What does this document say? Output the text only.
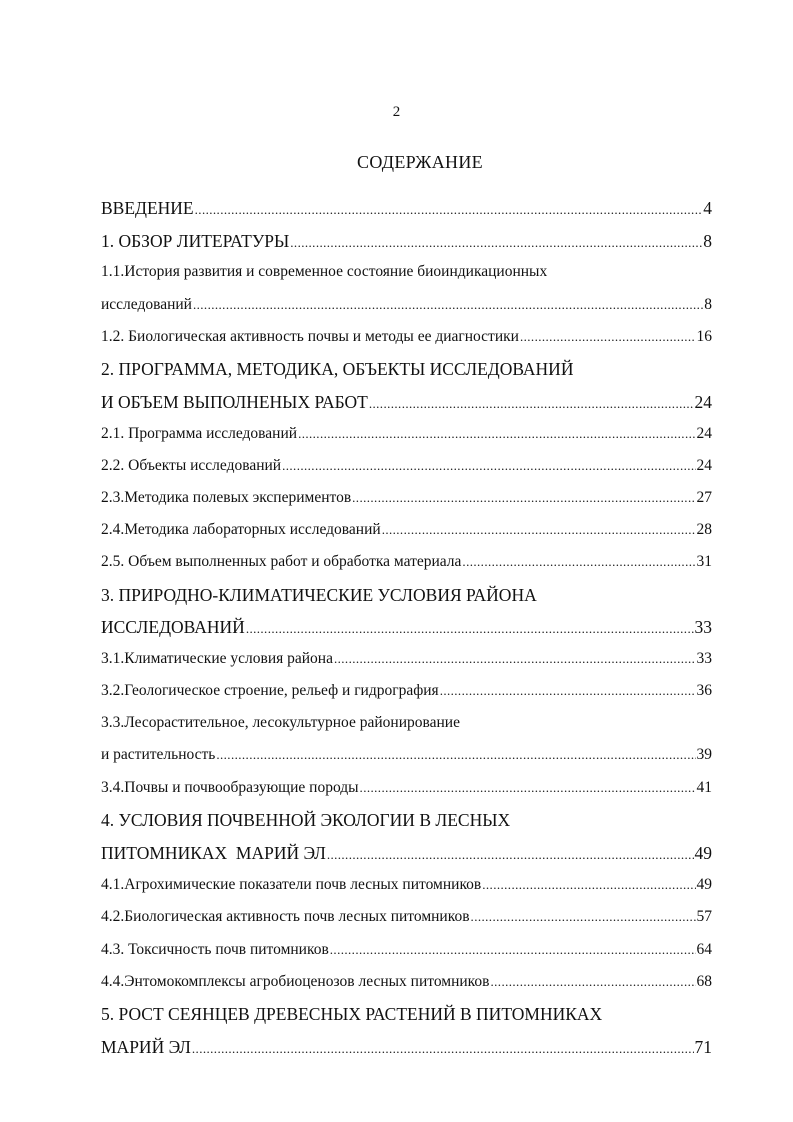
2
СОДЕРЖАНИЕ
ВВЕДЕНИЕ .....	4
1. ОБЗОР ЛИТЕРАТУРЫ .....	8
1.1.История развития и современное состояние биоиндикационных
исследований .....	8
1.2. Биологическая активность почвы и методы ее диагностики .....	16
2. ПРОГРАММА, МЕТОДИКА, ОБЪЕКТЫ ИССЛЕДОВАНИЙ
И ОБЪЕМ ВЫПОЛНЕНЫХ РАБОТ .....	24
2.1. Программа исследований .....	24
2.2. Объекты исследований .....	24
2.3.Методика полевых экспериментов .....	27
2.4.Методика лабораторных исследований .....	28
2.5. Объем выполненных работ и обработка материала .....	31
3. ПРИРОДНО-КЛИМАТИЧЕСКИЕ УСЛОВИЯ РАЙОНА
ИССЛЕДОВАНИЙ .....	33
3.1.Климатические условия района .....	33
3.2.Геологическое строение, рельеф и гидрография .....	36
3.3.Лесорастительное, лесокультурное районирование
и растительность .....	39
3.4.Почвы и почвообразующие породы .....	41
4. УСЛОВИЯ ПОЧВЕННОЙ ЭКОЛОГИИ В ЛЕСНЫХ
ПИТОМНИКАХ  МАРИЙ ЭЛ .....	49
4.1.Агрохимичеcкие показатели почв лесных питомников .....	49
4.2.Биологическая активность почв лесных питомников .....	57
4.3. Токсичность почв питомников .....	64
4.4.Энтомокомплексы агробиоценозов лесных питомников .....	68
5. РОСТ СЕЯНЦЕВ ДРЕВЕСНЫХ РАСТЕНИЙ В ПИТОМНИКАХ
МАРИЙ ЭЛ .....	71
